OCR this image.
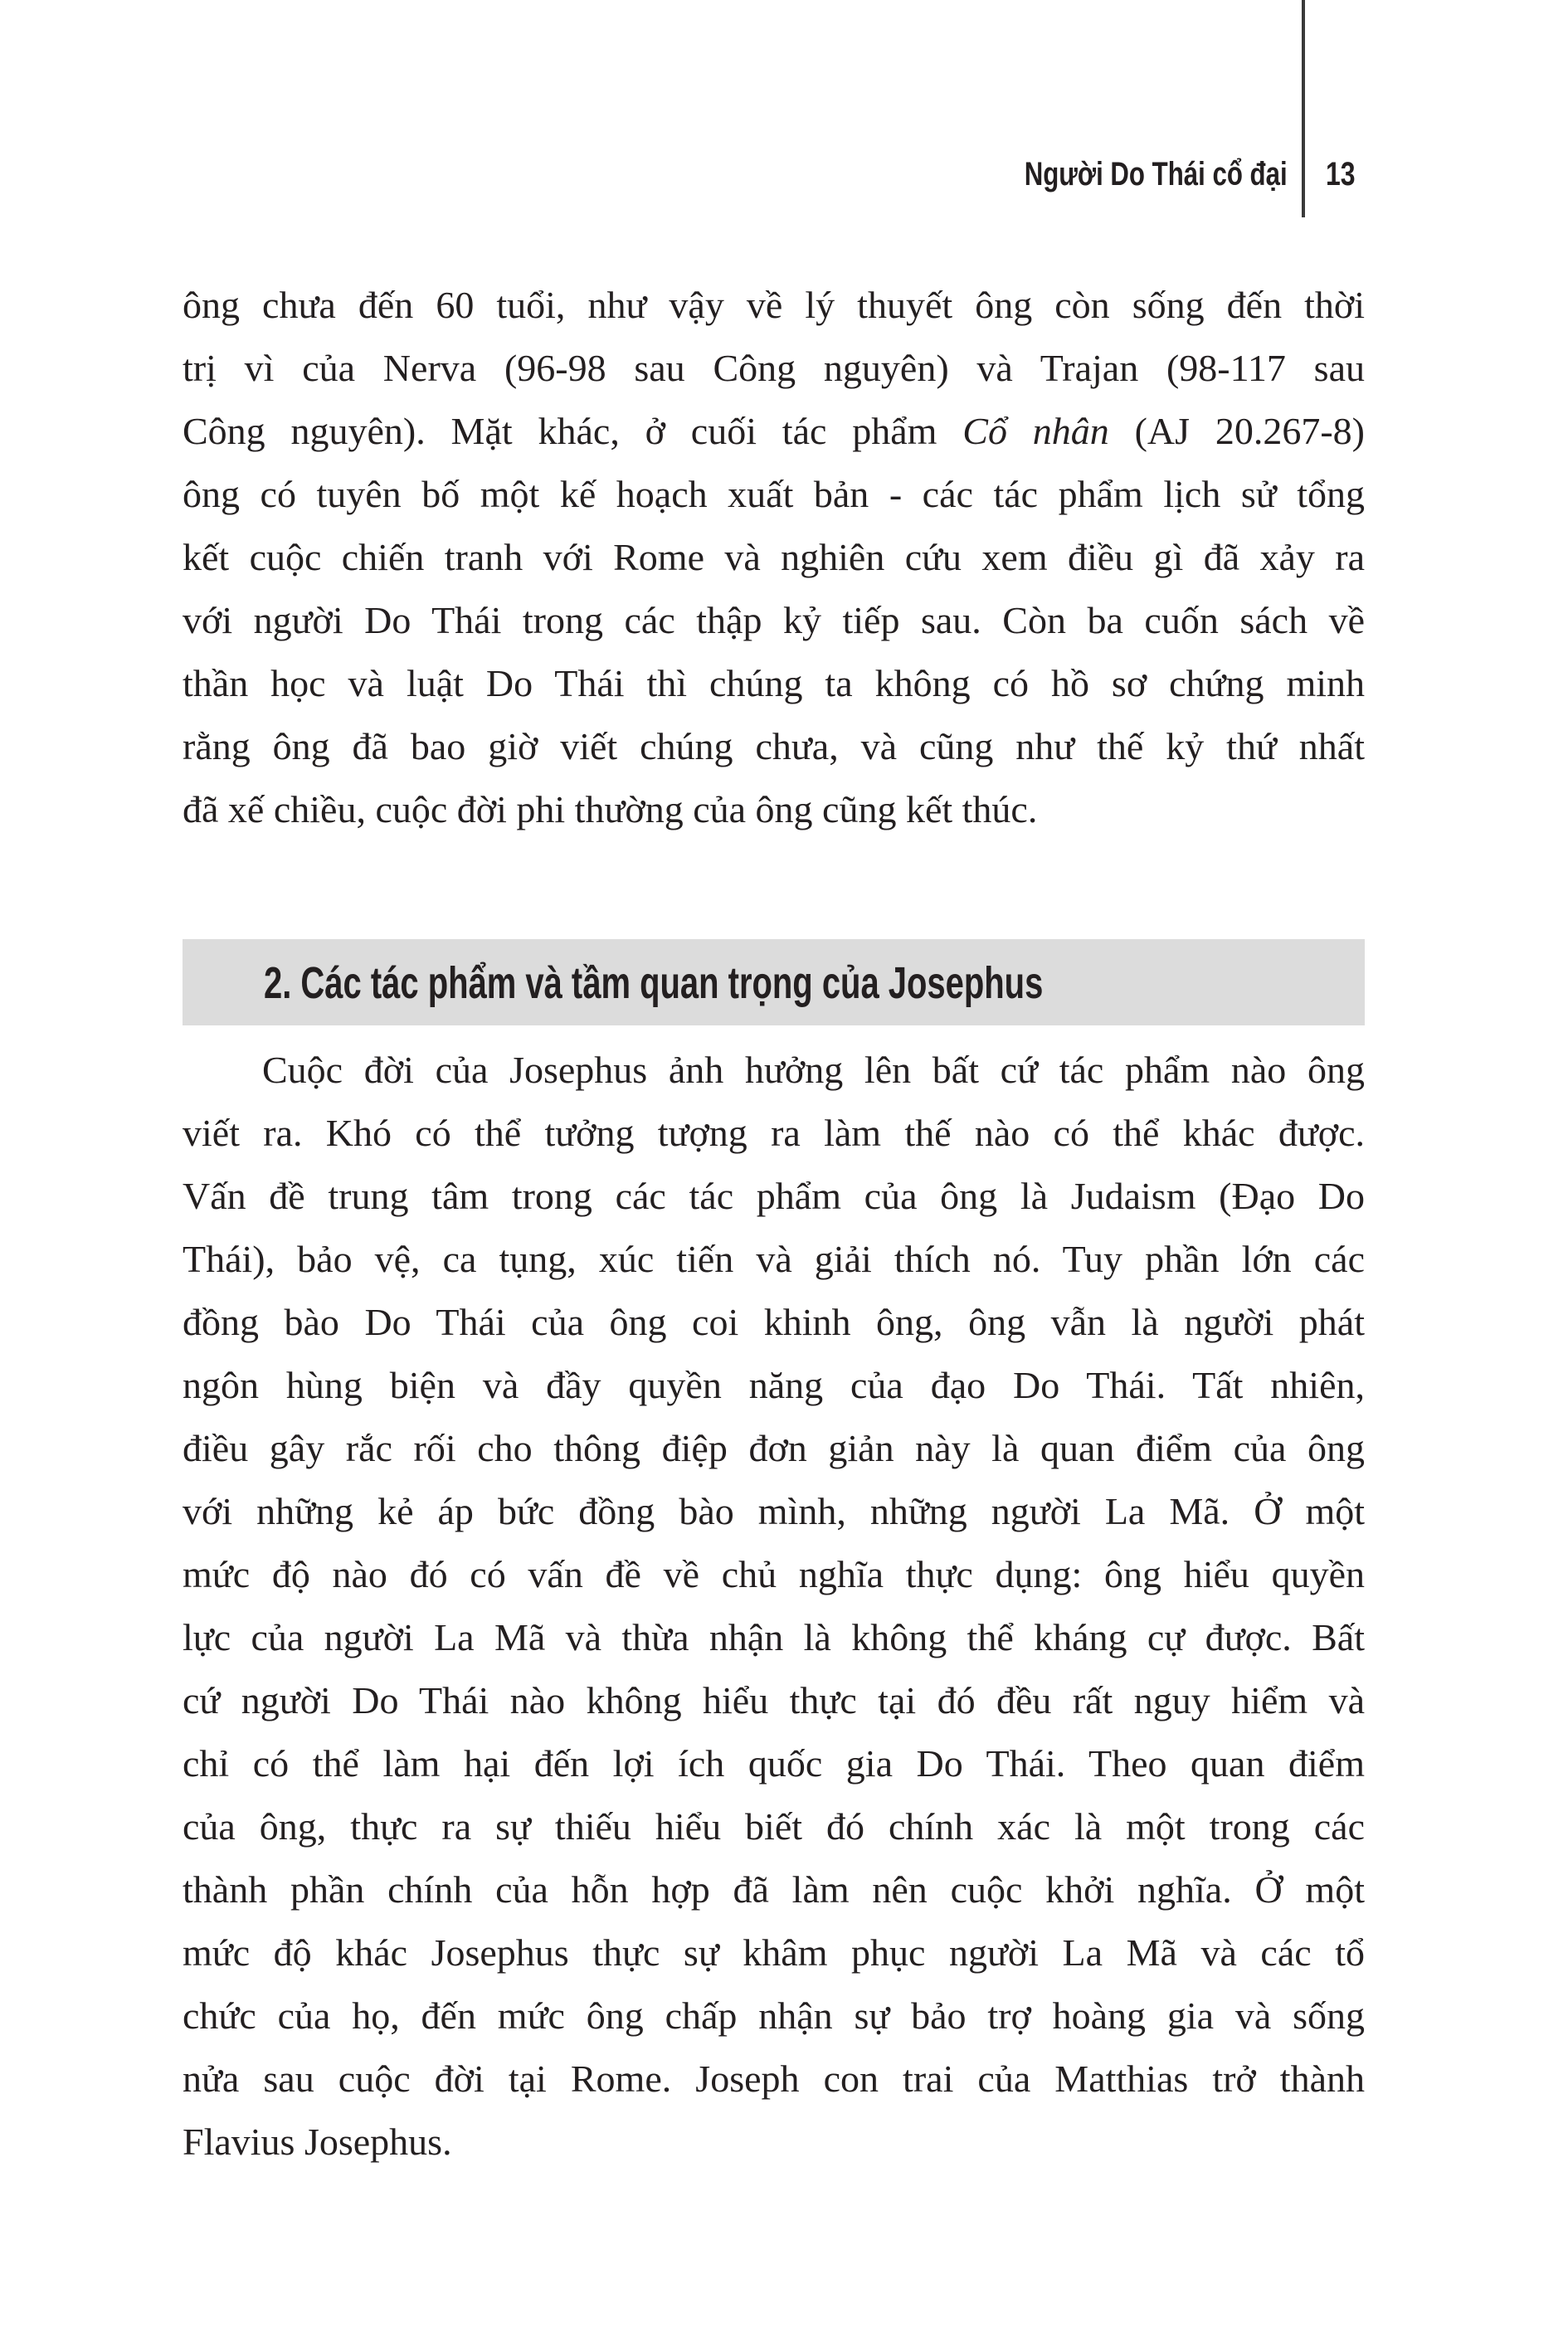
Người Do Thái cổ đại 13
ông chưa đến 60 tuổi, như vậy về lý thuyết ông còn sống đến thời
trị vì của Nerva (96-98 sau Công nguyên) và Trajan (98-117 sau
Công nguyên). Mặt khác, ở cuối tác phẩm Cổ nhân (AJ 20.267-8)
ông có tuyên bố một kế hoạch xuất bản - các tác phẩm lịch sử tổng
kết cuộc chiến tranh với Rome và nghiên cứu xem điều gì đã xảy ra
với người Do Thái trong các thập kỷ tiếp sau. Còn ba cuốn sách về
thần học và luật Do Thái thì chúng ta không có hồ sơ chứng minh
rằng ông đã bao giờ viết chúng chưa, và cũng như thế kỷ thứ nhất
đã xế chiều, cuộc đời phi thường của ông cũng kết thúc.
2. Các tác phẩm và tầm quan trọng của Josephus
Cuộc đời của Josephus ảnh hưởng lên bất cứ tác phẩm nào ông
viết ra. Khó có thể tưởng tượng ra làm thế nào có thể khác được.
Vấn đề trung tâm trong các tác phẩm của ông là Judaism (Đạo Do
Thái), bảo vệ, ca tụng, xúc tiến và giải thích nó. Tuy phần lớn các
đồng bào Do Thái của ông coi khinh ông, ông vẫn là người phát
ngôn hùng biện và đầy quyền năng của đạo Do Thái. Tất nhiên,
điều gây rắc rối cho thông điệp đơn giản này là quan điểm của ông
với những kẻ áp bức đồng bào mình, những người La Mã. Ở một
mức độ nào đó có vấn đề về chủ nghĩa thực dụng: ông hiểu quyền
lực của người La Mã và thừa nhận là không thể kháng cự được. Bất
cứ người Do Thái nào không hiểu thực tại đó đều rất nguy hiểm và
chỉ có thể làm hại đến lợi ích quốc gia Do Thái. Theo quan điểm
của ông, thực ra sự thiếu hiểu biết đó chính xác là một trong các
thành phần chính của hỗn hợp đã làm nên cuộc khởi nghĩa. Ở một
mức độ khác Josephus thực sự khâm phục người La Mã và các tổ
chức của họ, đến mức ông chấp nhận sự bảo trợ hoàng gia và sống
nửa sau cuộc đời tại Rome. Joseph con trai của Matthias trở thành
Flavius Josephus.
